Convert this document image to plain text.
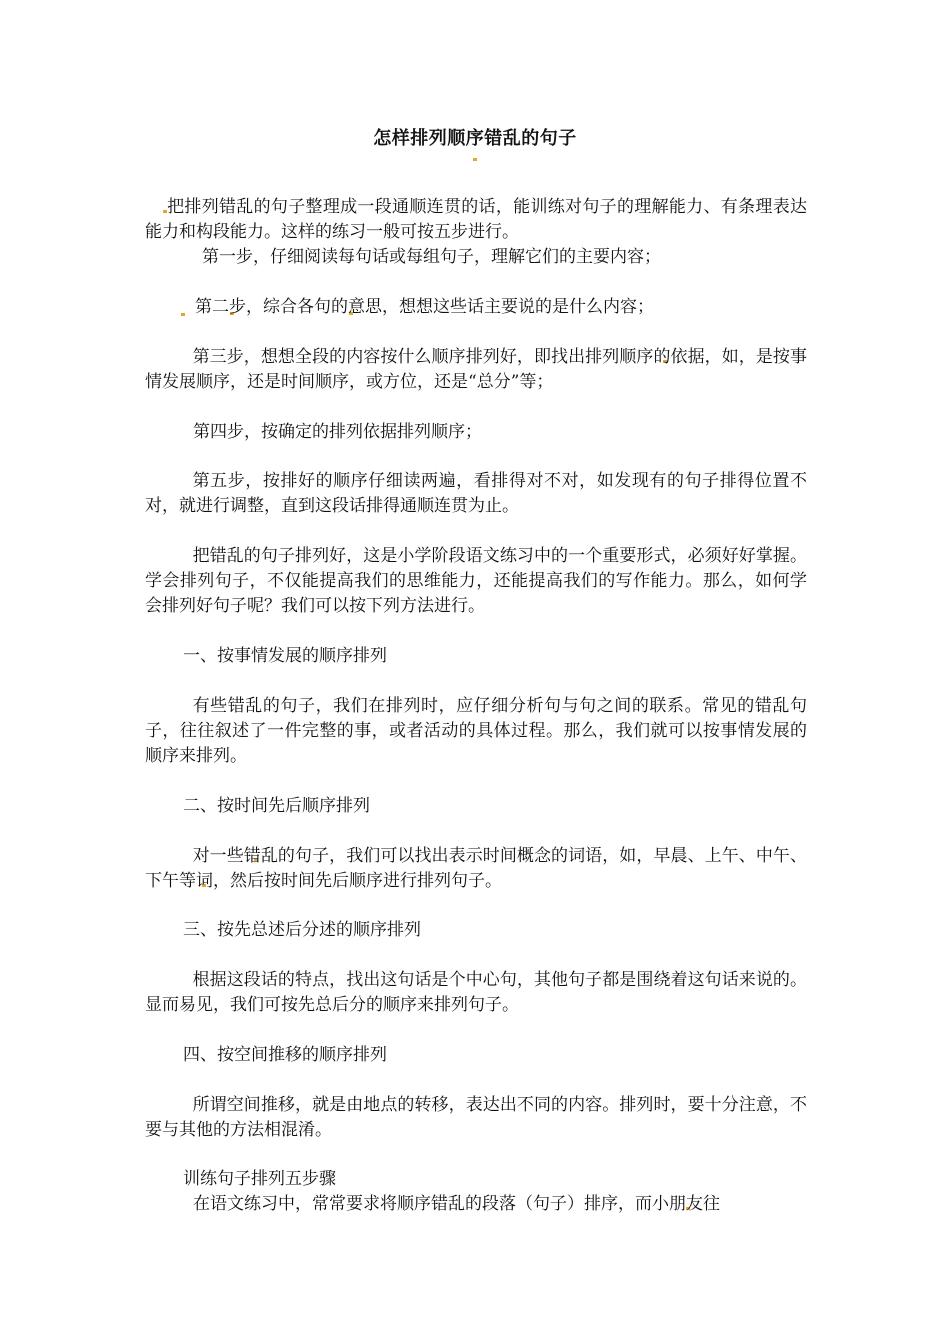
怎样排列顺序错乱的句子
把排列错乱的句子整理成一段通顺连贯的话，能训练对句子的理解能力、有条理表达能力和构段能力。这样的练习一般可按五步进行。
第一步，仔细阅读每句话或每组句子，理解它们的主要内容；
第二步，综合各句的意思，想想这些话主要说的是什么内容；
第三步，想想全段的内容按什么顺序排列好，即找出排列顺序的依据，如，是按事情发展顺序，还是时间顺序，或方位，还是“总分”等；
第四步，按确定的排列依据排列顺序；
第五步，按排好的顺序仔细读两遍，看排得对不对，如发现有的句子排得位置不对，就进行调整，直到这段话排得通顺连贯为止。
把错乱的句子排列好，这是小学阶段语文练习中的一个重要形式，必须好好掌握。学会排列句子，不仅能提高我们的思维能力，还能提高我们的写作能力。那么，如何学会排列好句子呢？我们可以按下列方法进行。
一、按事情发展的顺序排列
有些错乱的句子，我们在排列时，应仔细分析句与句之间的联系。常见的错乱句子，往往叙述了一件完整的事，或者活动的具体过程。那么，我们就可以按事情发展的顺序来排列。
二、按时间先后顺序排列
对一些错乱的句子，我们可以找出表示时间概念的词语，如，早晨、上午、中午、下午等词，然后按时间先后顺序进行排列句子。
三、按先总述后分述的顺序排列
根据这段话的特点，找出这句话是个中心句，其他句子都是围绕着这句话来说的。显而易见，我们可按先总后分的顺序来排列句子。
四、按空间推移的顺序排列
所谓空间推移，就是由地点的转移，表达出不同的内容。排列时，要十分注意，不要与其他的方法相混淆。
训练句子排列五步骤
在语文练习中，常常要求将顺序错乱的段落（句子）排序，而小朋友往
